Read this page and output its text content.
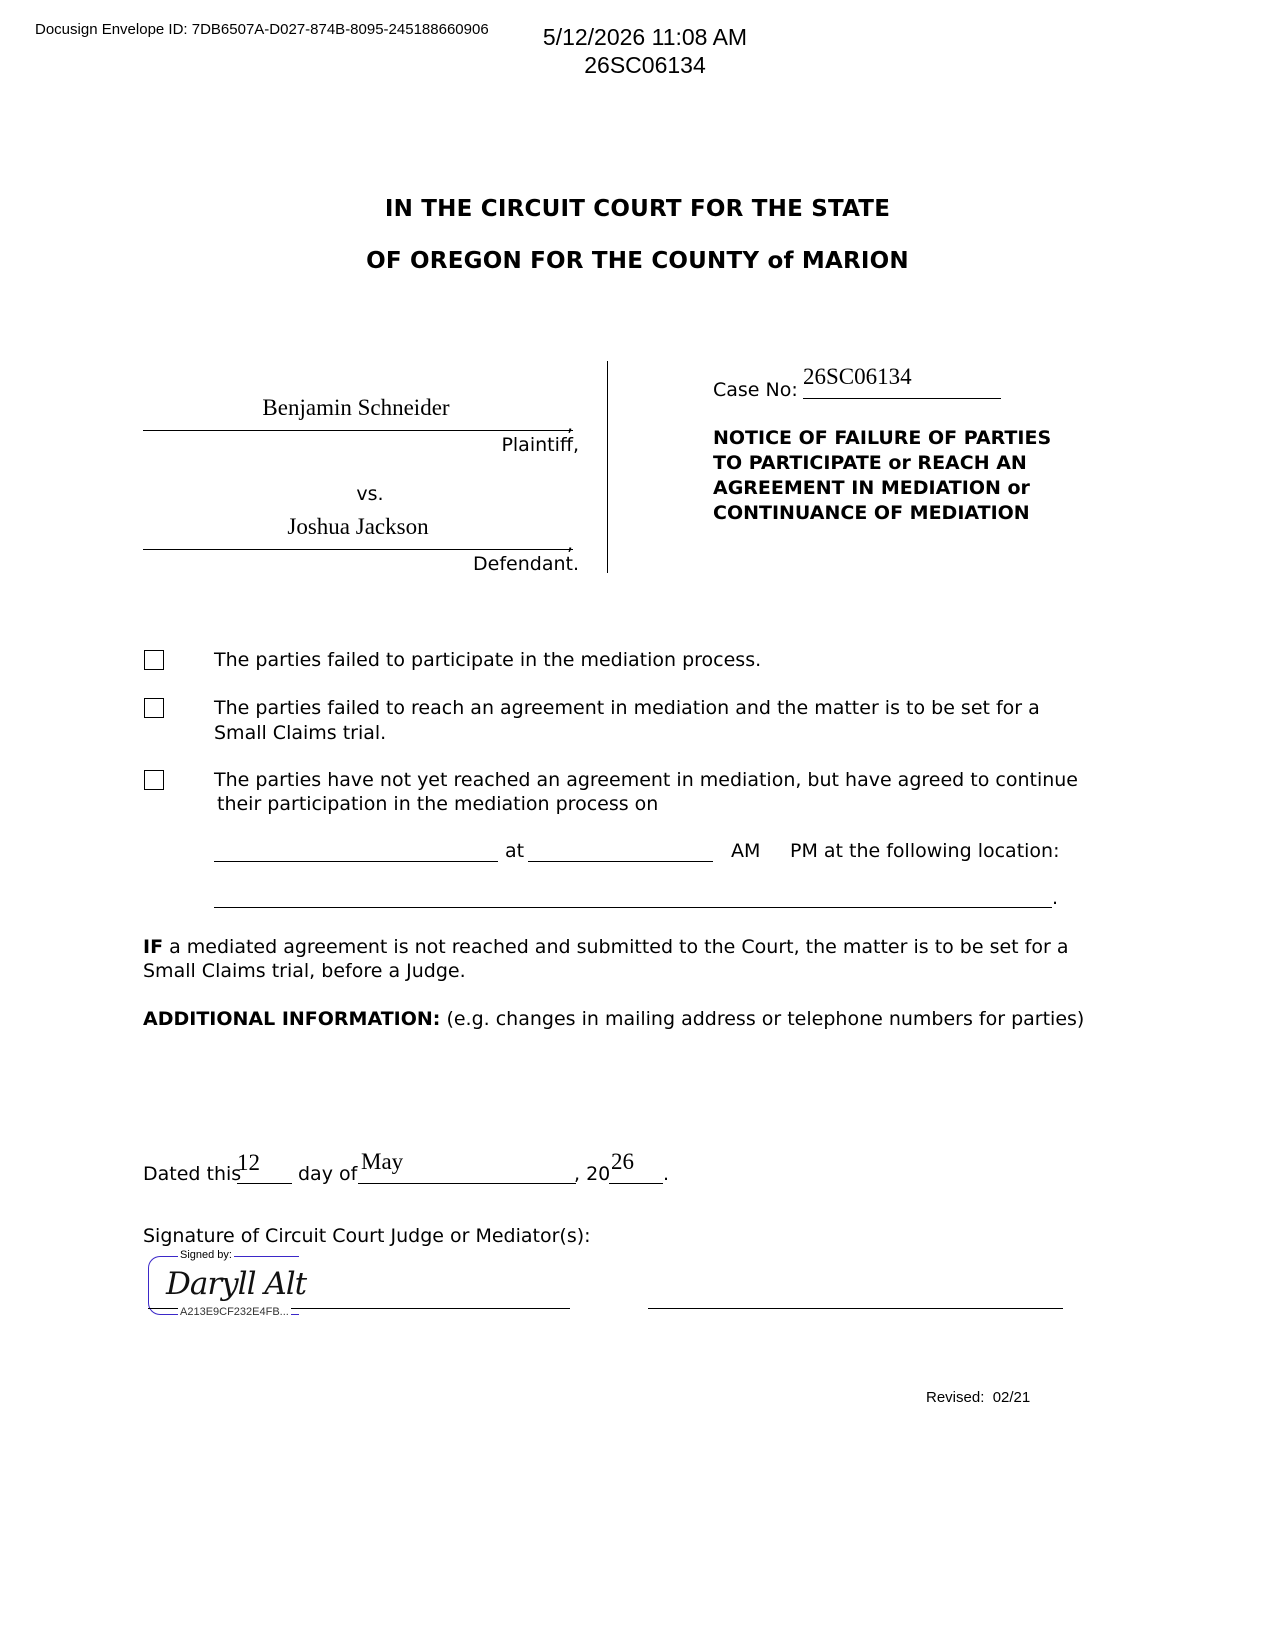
Docusign Envelope ID: 7DB6507A-D027-874B-8095-245188660906	5/12/2026 11:08 AM
26SC06134
IN THE CIRCUIT COURT FOR THE STATE
OF OREGON FOR THE COUNTY of MARION
Benjamin Schneider
,
Plaintiff,
vs.
Joshua Jackson
,
Defendant.
Case No:
26SC06134
NOTICE OF FAILURE OF PARTIES TO PARTICIPATE or REACH AN AGREEMENT IN MEDIATION or CONTINUANCE OF MEDIATION
The parties failed to participate in the mediation process.
The parties failed to reach an agreement in mediation and the matter is to be set for a Small Claims trial.
The parties have not yet reached an agreement in mediation, but have agreed to continue
their participation in the mediation process on
at	AM PM at the following location:
.
IF a mediated agreement is not reached and submitted to the Court, the matter is to be set for a
Small Claims trial, before a Judge.
ADDITIONAL INFORMATION: (e.g. changes in mailing address or telephone numbers for parties)
Dated this
12 day of May	, 20 26 .
Signature of Circuit Court Judge or Mediator(s):
Signed by:
Daryll Alt
A213E9CF232E4FB...
Revised: 02/21
